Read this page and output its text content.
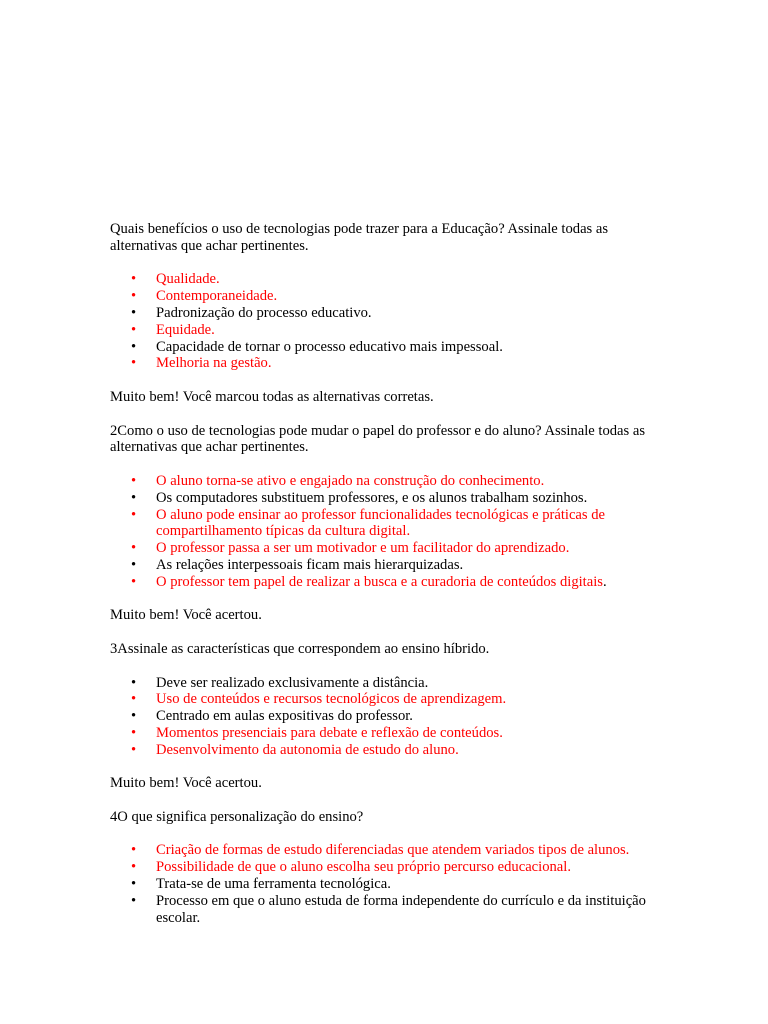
Quais benefícios o uso de tecnologias pode trazer para a Educação? Assinale todas as alternativas que achar pertinentes.

• Qualidade.
• Contemporaneidade.
• Padronização do processo educativo.
• Equidade.
• Capacidade de tornar o processo educativo mais impessoal.
• Melhoria na gestão.

Muito bem! Você marcou todas as alternativas corretas.

2Como o uso de tecnologias pode mudar o papel do professor e do aluno? Assinale todas as alternativas que achar pertinentes.

• O aluno torna-se ativo e engajado na construção do conhecimento.
• Os computadores substituem professores, e os alunos trabalham sozinhos.
• O aluno pode ensinar ao professor funcionalidades tecnológicas e práticas de compartilhamento típicas da cultura digital.
• O professor passa a ser um motivador e um facilitador do aprendizado.
• As relações interpessoais ficam mais hierarquizadas.
• O professor tem papel de realizar a busca e a curadoria de conteúdos digitais.

Muito bem! Você acertou.

3Assinale as características que correspondem ao ensino híbrido.

• Deve ser realizado exclusivamente a distância.
• Uso de conteúdos e recursos tecnológicos de aprendizagem.
• Centrado em aulas expositivas do professor.
• Momentos presenciais para debate e reflexão de conteúdos.
• Desenvolvimento da autonomia de estudo do aluno.

Muito bem! Você acertou.

4O que significa personalização do ensino?

• Criação de formas de estudo diferenciadas que atendem variados tipos de alunos.
• Possibilidade de que o aluno escolha seu próprio percurso educacional.
• Trata-se de uma ferramenta tecnológica.
• Processo em que o aluno estuda de forma independente do currículo e da instituição escolar.
